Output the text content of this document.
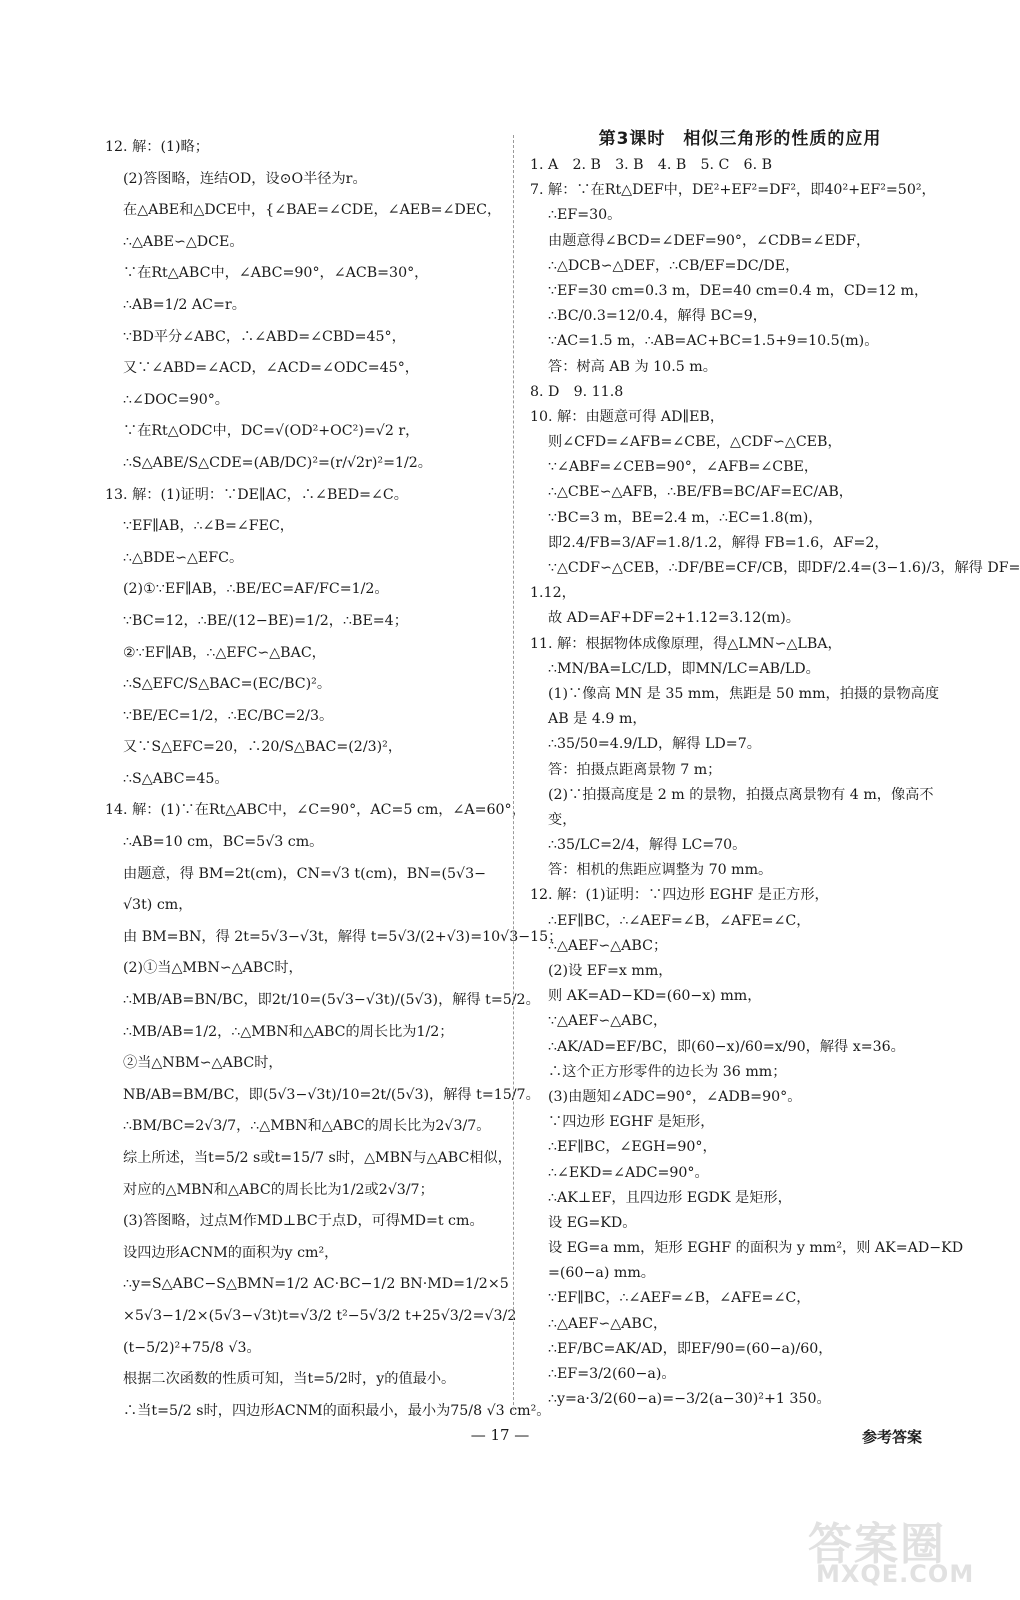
12. 解：(1)略；
(2)答图略，连结OD，设⊙O半径为r。
在△ABE和△DCE中，{∠BAE=∠CDE，∠AEB=∠DEC，
∴△ABE∽△DCE。
∵在Rt△ABC中，∠ABC=90°，∠ACB=30°，
∴AB=1/2 AC=r。
∵BD平分∠ABC，∴∠ABD=∠CBD=45°，
又∵∠ABD=∠ACD，∠ACD=∠ODC=45°，
∴∠DOC=90°。
∵在Rt△ODC中，DC=√(OD²+OC²)=√2 r，
∴S△ABE/S△CDE=(AB/DC)²=(r/√2r)²=1/2。
13. 解：(1)证明：∵DE∥AC，∴∠BED=∠C。
∵EF∥AB，∴∠B=∠FEC，
∴△BDE∽△EFC。
(2)①∵EF∥AB，∴BE/EC=AF/FC=1/2。
∵BC=12，∴BE/(12−BE)=1/2，∴BE=4；
②∵EF∥AB，∴△EFC∽△BAC，
∴S△EFC/S△BAC=(EC/BC)²。
∵BE/EC=1/2，∴EC/BC=2/3。
又∵S△EFC=20，∴20/S△BAC=(2/3)²，
∴S△ABC=45。
14. 解：(1)∵在Rt△ABC中，∠C=90°，AC=5 cm，∠A=60°，
∴AB=10 cm，BC=5√3 cm。
由题意，得 BM=2t(cm)，CN=√3 t(cm)，BN=(5√3−
√3t) cm，
由 BM=BN，得 2t=5√3−√3t，解得 t=5√3/(2+√3)=10√3−15；
(2)①当△MBN∽△ABC时，
∴MB/AB=BN/BC，即2t/10=(5√3−√3t)/(5√3)，解得 t=5/2。
∴MB/AB=1/2，∴△MBN和△ABC的周长比为1/2；
②当△NBM∽△ABC时，
NB/AB=BM/BC，即(5√3−√3t)/10=2t/(5√3)，解得 t=15/7。
∴BM/BC=2√3/7，∴△MBN和△ABC的周长比为2√3/7。
综上所述，当t=5/2 s或t=15/7 s时，△MBN与△ABC相似，
对应的△MBN和△ABC的周长比为1/2或2√3/7；
(3)答图略，过点M作MD⊥BC于点D，可得MD=t cm。
设四边形ACNM的面积为y cm²，
∴y=S△ABC−S△BMN=1/2 AC·BC−1/2 BN·MD=1/2×5
×5√3−1/2×(5√3−√3t)t=√3/2 t²−5√3/2 t+25√3/2=√3/2
(t−5/2)²+75/8 √3。
根据二次函数的性质可知，当t=5/2时，y的值最小。
∴当t=5/2 s时，四边形ACNM的面积最小，最小为75/8 √3 cm²。
第3课时　相似三角形的性质的应用
1. A　2. B　3. B　4. B　5. C　6. B
7. 解：∵在Rt△DEF中，DE²+EF²=DF²，即40²+EF²=50²，
∴EF=30。
由题意得∠BCD=∠DEF=90°，∠CDB=∠EDF，
∴△DCB∽△DEF，∴CB/EF=DC/DE，
∵EF=30 cm=0.3 m，DE=40 cm=0.4 m，CD=12 m，
∴BC/0.3=12/0.4，解得 BC=9，
∵AC=1.5 m，∴AB=AC+BC=1.5+9=10.5(m)。
答：树高 AB 为 10.5 m。
8. D　9. 11.8
10. 解：由题意可得 AD∥EB，
则∠CFD=∠AFB=∠CBE，△CDF∽△CEB，
∵∠ABF=∠CEB=90°，∠AFB=∠CBE，
∴△CBE∽△AFB，∴BE/FB=BC/AF=EC/AB，
∵BC=3 m，BE=2.4 m，∴EC=1.8(m)，
即2.4/FB=3/AF=1.8/1.2，解得 FB=1.6，AF=2，
∵△CDF∽△CEB，∴DF/BE=CF/CB，即DF/2.4=(3−1.6)/3，解得 DF=
1.12，
故 AD=AF+DF=2+1.12=3.12(m)。
11. 解：根据物体成像原理，得△LMN∽△LBA，
∴MN/BA=LC/LD，即MN/LC=AB/LD。
(1)∵像高 MN 是 35 mm，焦距是 50 mm，拍摄的景物高度
AB 是 4.9 m，
∴35/50=4.9/LD，解得 LD=7。
答：拍摄点距离景物 7 m；
(2)∵拍摄高度是 2 m 的景物，拍摄点离景物有 4 m，像高不
变，
∴35/LC=2/4，解得 LC=70。
答：相机的焦距应调整为 70 mm。
12. 解：(1)证明：∵四边形 EGHF 是正方形，
∴EF∥BC，∴∠AEF=∠B，∠AFE=∠C，
∴△AEF∽△ABC；
(2)设 EF=x mm，
则 AK=AD−KD=(60−x) mm，
∵△AEF∽△ABC，
∴AK/AD=EF/BC，即(60−x)/60=x/90，解得 x=36。
∴这个正方形零件的边长为 36 mm；
(3)由题知∠ADC=90°，∠ADB=90°。
∵四边形 EGHF 是矩形，
∴EF∥BC，∠EGH=90°，
∴∠EKD=∠ADC=90°。
∴AK⊥EF，且四边形 EGDK 是矩形，
设 EG=KD。
设 EG=a mm，矩形 EGHF 的面积为 y mm²，则 AK=AD−KD
=(60−a) mm。
∵EF∥BC，∴∠AEF=∠B，∠AFE=∠C，
∴△AEF∽△ABC，
∴EF/BC=AK/AD，即EF/90=(60−a)/60，
∴EF=3/2(60−a)。
∴y=a·3/2(60−a)=−3/2(a−30)²+1 350。
— 17 —	参考答案
答案圈
MXQE.COM
